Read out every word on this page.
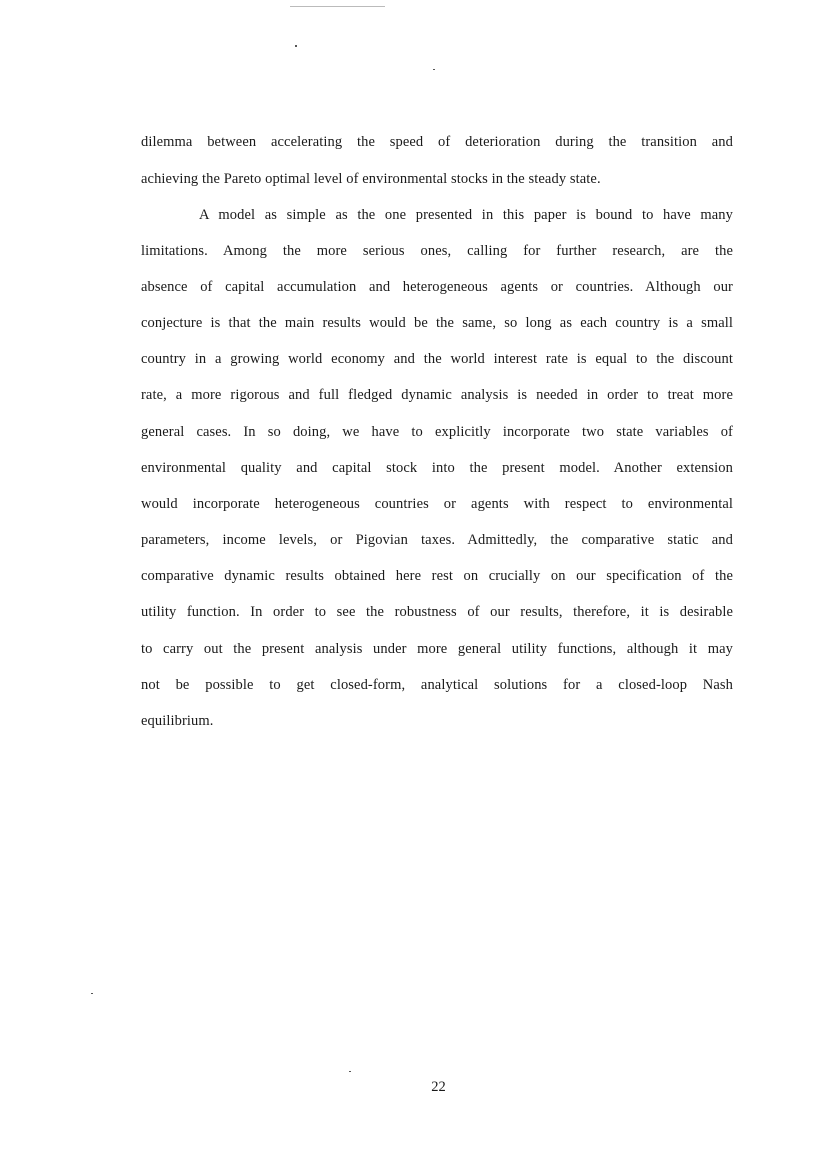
dilemma between accelerating the speed of deterioration during the transition and
achieving the Pareto optimal level of environmental stocks in the steady state.
A model as simple as the one presented in this paper is bound to have many
limitations. Among the more serious ones, calling for further research, are the
absence of capital accumulation and heterogeneous agents or countries. Although our
conjecture is that the main results would be the same, so long as each country is a small
country in a growing world economy and the world interest rate is equal to the discount
rate, a more rigorous and full fledged dynamic analysis is needed in order to treat more
general cases. In so doing, we have to explicitly incorporate two state variables of
environmental quality and capital stock into the present model. Another extension
would incorporate heterogeneous countries or agents with respect to environmental
parameters, income levels, or Pigovian taxes. Admittedly, the comparative static and
comparative dynamic results obtained here rest on crucially on our specification of the
utility function. In order to see the robustness of our results, therefore, it is desirable
to carry out the present analysis under more general utility functions, although it may
not be possible to get closed-form, analytical solutions for a closed-loop Nash
equilibrium.
22
